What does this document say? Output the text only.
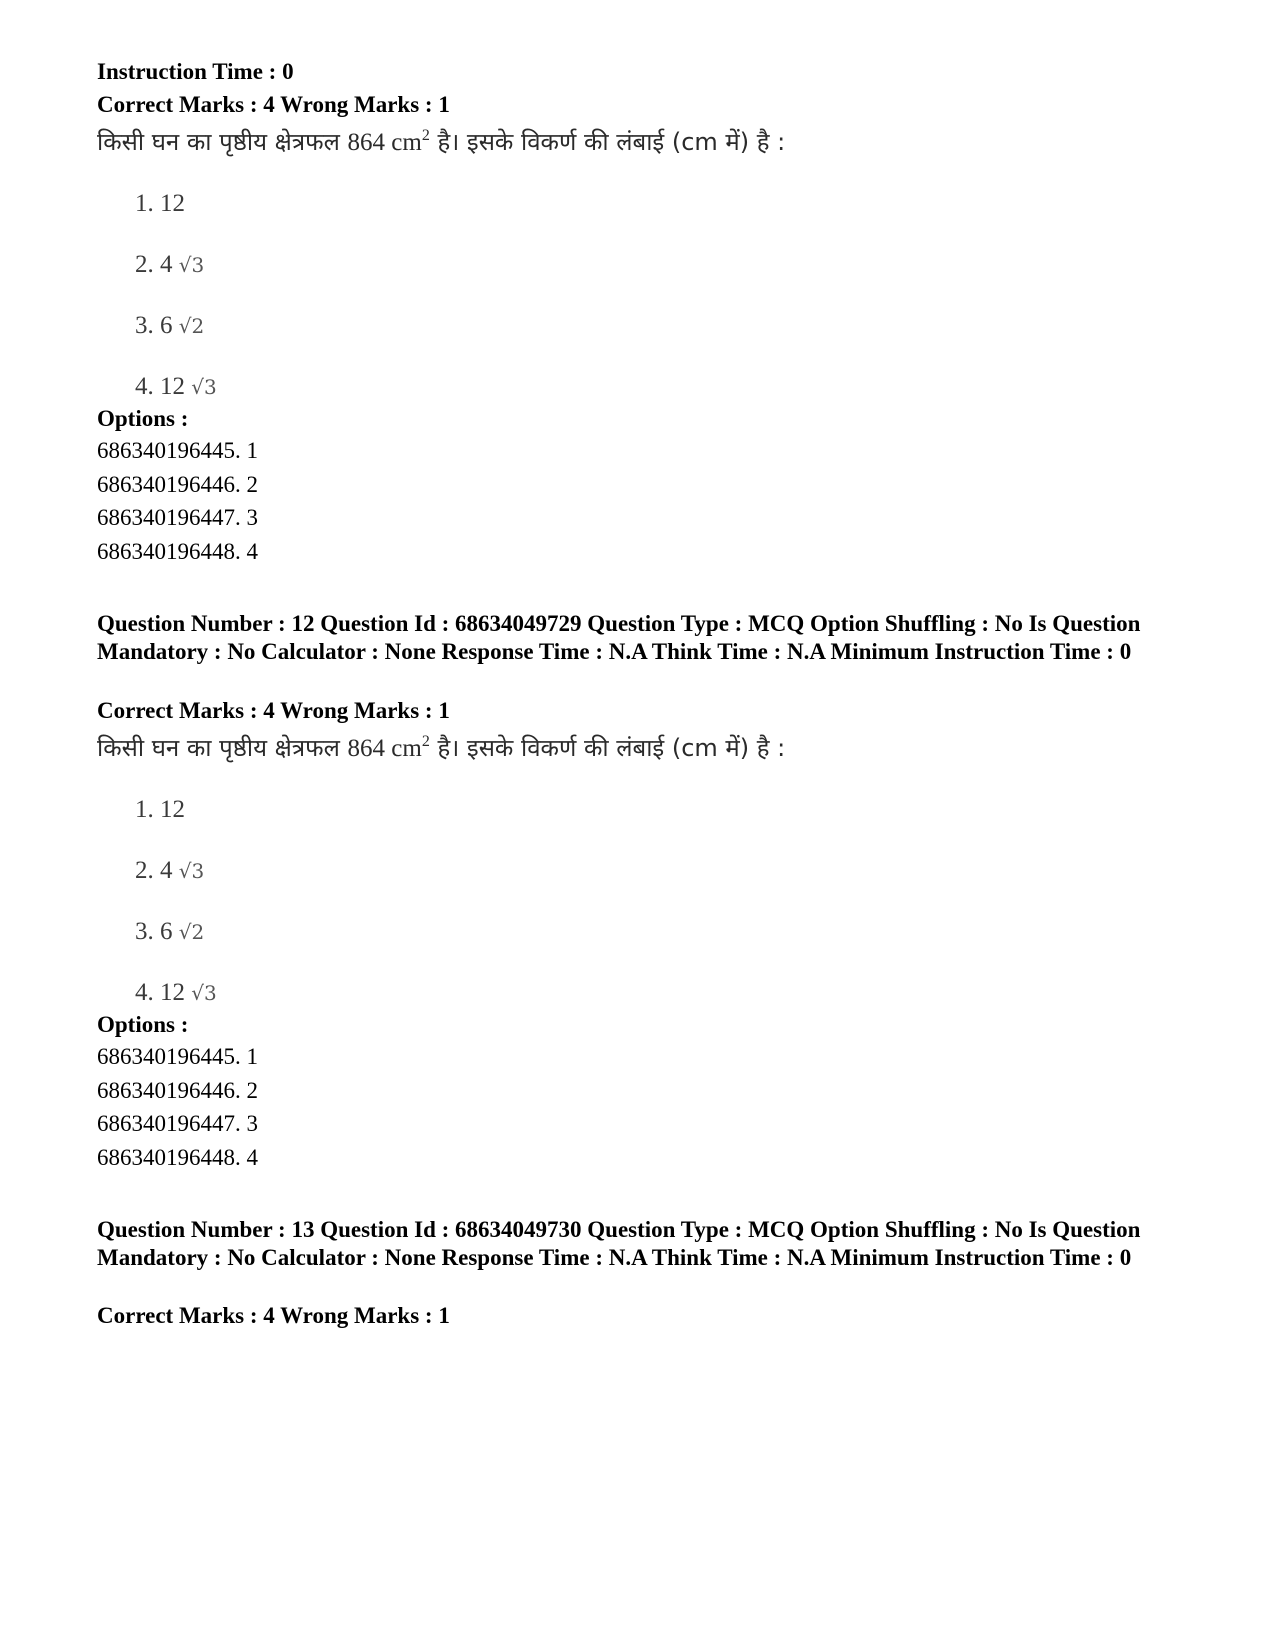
Instruction Time : 0
Correct Marks : 4 Wrong Marks : 1
किसी घन का पृष्ठीय क्षेत्रफल 864 $cm^2$ है। इसके विकर्ण की लंबाई (cm में) है :
1. 12
2. 4 √3
3. 6 √2
4. 12 √3
Options :
686340196445. 1
686340196446. 2
686340196447. 3
686340196448. 4
Question Number : 12 Question Id : 68634049729 Question Type : MCQ Option Shuffling : No Is Question Mandatory : No Calculator : None Response Time : N.A Think Time : N.A Minimum Instruction Time : 0
Correct Marks : 4 Wrong Marks : 1
किसी घन का पृष्ठीय क्षेत्रफल 864 $cm^2$ है। इसके विकर्ण की लंबाई (cm में) है :
1. 12
2. 4 √3
3. 6 √2
4. 12 √3
Options :
686340196445. 1
686340196446. 2
686340196447. 3
686340196448. 4
Question Number : 13 Question Id : 68634049730 Question Type : MCQ Option Shuffling : No Is Question Mandatory : No Calculator : None Response Time : N.A Think Time : N.A Minimum Instruction Time : 0
Correct Marks : 4 Wrong Marks : 1
